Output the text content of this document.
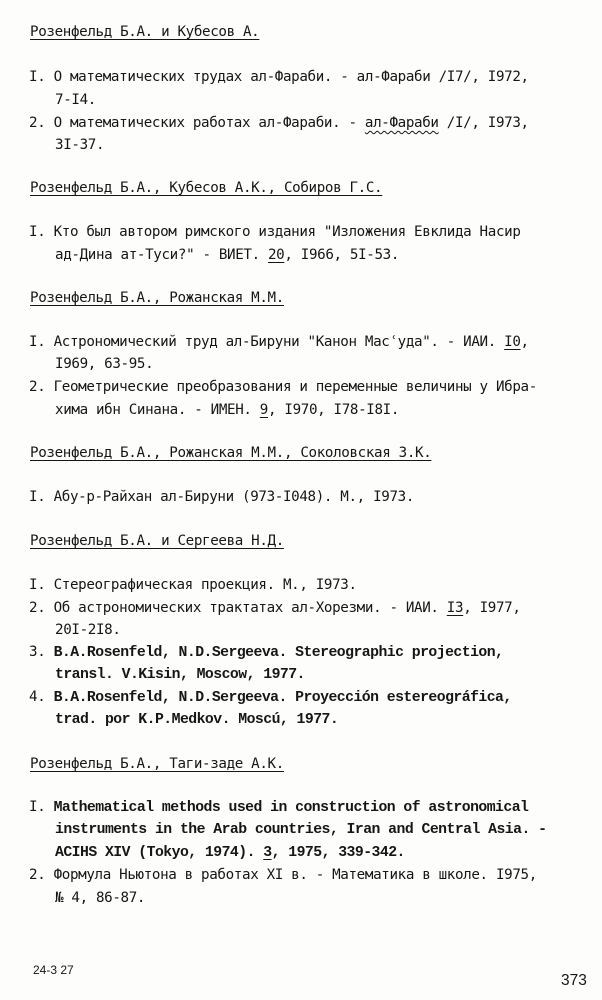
Розенфельд Б.А. и Кубесов А.
I. О математических трудах ал-Фараби. - ал-Фараби /I7/, I972,
7-I4.
2. О математических работах ал-Фараби. - ал-Фараби /I/, I973,
3I-37.
Розенфельд Б.А., Кубесов А.К., Собиров Г.С.
I. Кто был автором римского издания "Изложения Евклида Насир
ад-Дина ат-Туси?" - ВИЕТ. 20, I966, 5I-53.
Розенфельд Б.А., Рожанская М.М.
I. Астрономический труд ал-Бируни "Канон Масʿуда". - ИАИ. I0,
I969, 63-95.
2. Геометрические преобразования и переменные величины у Ибра-
хима ибн Синана. - ИМЕН. 9, I970, I78-I8I.
Розенфельд Б.А., Рожанская М.М., Соколовская З.К.
I. Абу-р-Райхан ал-Бируни (973-I048). М., I973.
Розенфельд Б.А. и Сергеева Н.Д.
I. Стереографическая проекция. М., I973.
2. Об астрономических трактатах ал-Хорезми. - ИАИ. I3, I977,
20I-2I8.
3. B.A.Rosenfeld, N.D.Sergeeva. Stereographic projection,
transl. V.Kisin, Moscow, 1977.
4. B.A.Rosenfeld, N.D.Sergeeva. Proyección estereográfica,
trad. por K.P.Medkov. Moscú, 1977.
Розенфельд Б.А., Таги-заде А.К.
I. Mathematical methods used in construction of astronomical
instruments in the Arab countries, Iran and Central Asia. -
ACIHS XIV (Tokyo, 1974). 3, 1975, 339-342.
2. Формула Ньютона в работах XI в. - Математика в школе. I975,
№ 4, 86-87.
24-3 27
373
